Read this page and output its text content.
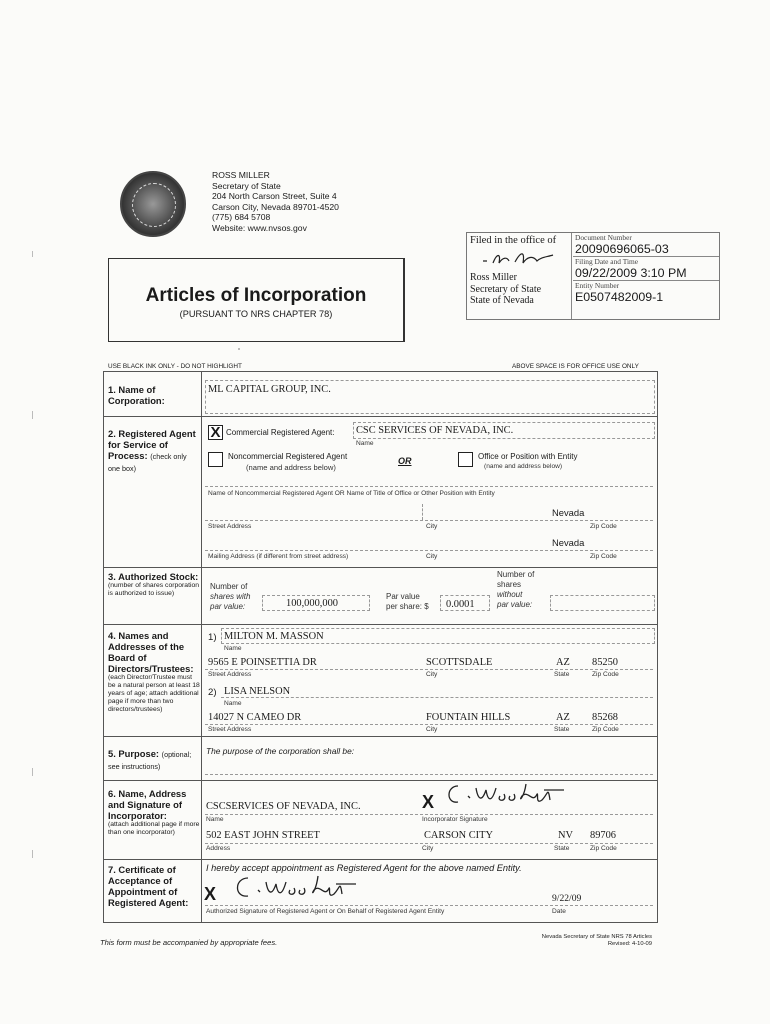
ROSS MILLER
Secretary of State
204 North Carson Street, Suite 4
Carson City, Nevada 89701-4520
(775) 684 5708
Website: www.nvsos.gov
Articles of Incorporation
(PURSUANT TO NRS CHAPTER 78)
Filed in the office of
Ross Miller
Secretary of State
State of Nevada
Document Number
20090696065-03
Filing Date and Time
09/22/2009 3:10 PM
Entity Number
E0507482009-1
USE BLACK INK ONLY - DO NOT HIGHLIGHT	ABOVE SPACE IS FOR OFFICE USE ONLY
1. Name of Corporation:
ML CAPITAL GROUP, INC.
2. Registered Agent for Service of Process: (check only one box)
X Commercial Registered Agent: CSC SERVICES OF NEVADA, INC.
Name
Noncommercial Registered Agent
(name and address below)
OR	Office or Position with Entity
(name and address below)
Name of Noncommercial Registered Agent OR Name of Title of Office or Other Position with Entity
Nevada
Street Address	City	Zip Code
Nevada
Mailing Address (if different from street address)	City	Zip Code
3. Authorized Stock:
(number of shares corporation is authorized to issue)
Number of
shares with
par value:	100,000,000
Par value
per share: $ 0.0001
Number of
shares
without
par value:
4. Names and Addresses of the Board of Directors/Trustees:
(each Director/Trustee must be a natural person at least 18 years of age; attach additional page if more than two directors/trustees)
1) MILTON M. MASSON
Name
9565 E POINSETTIA DR	SCOTTSDALE	AZ 85250
Street Address	City	State	Zip Code
2) LISA NELSON
Name
14027 N CAMEO DR	FOUNTAIN HILLS	AZ 85268
Street Address	City	State	Zip Code
5. Purpose: (optional; see instructions)
The purpose of the corporation shall be:
6. Name, Address and Signature of Incorporator:
(attach additional page if more than one incorporator)
CSCSERVICES OF NEVADA, INC.	X
Name	Incorporator Signature
502 EAST JOHN STREET	CARSON CITY	NV 89706
Address	City	State	Zip Code
7. Certificate of Acceptance of Appointment of Registered Agent:
I hereby accept appointment as Registered Agent for the above named Entity.
X	9/22/09
Authorized Signature of Registered Agent or On Behalf of Registered Agent Entity	Date
This form must be accompanied by appropriate fees.
Nevada Secretary of State NRS 78 Articles
Revised: 4-10-09
